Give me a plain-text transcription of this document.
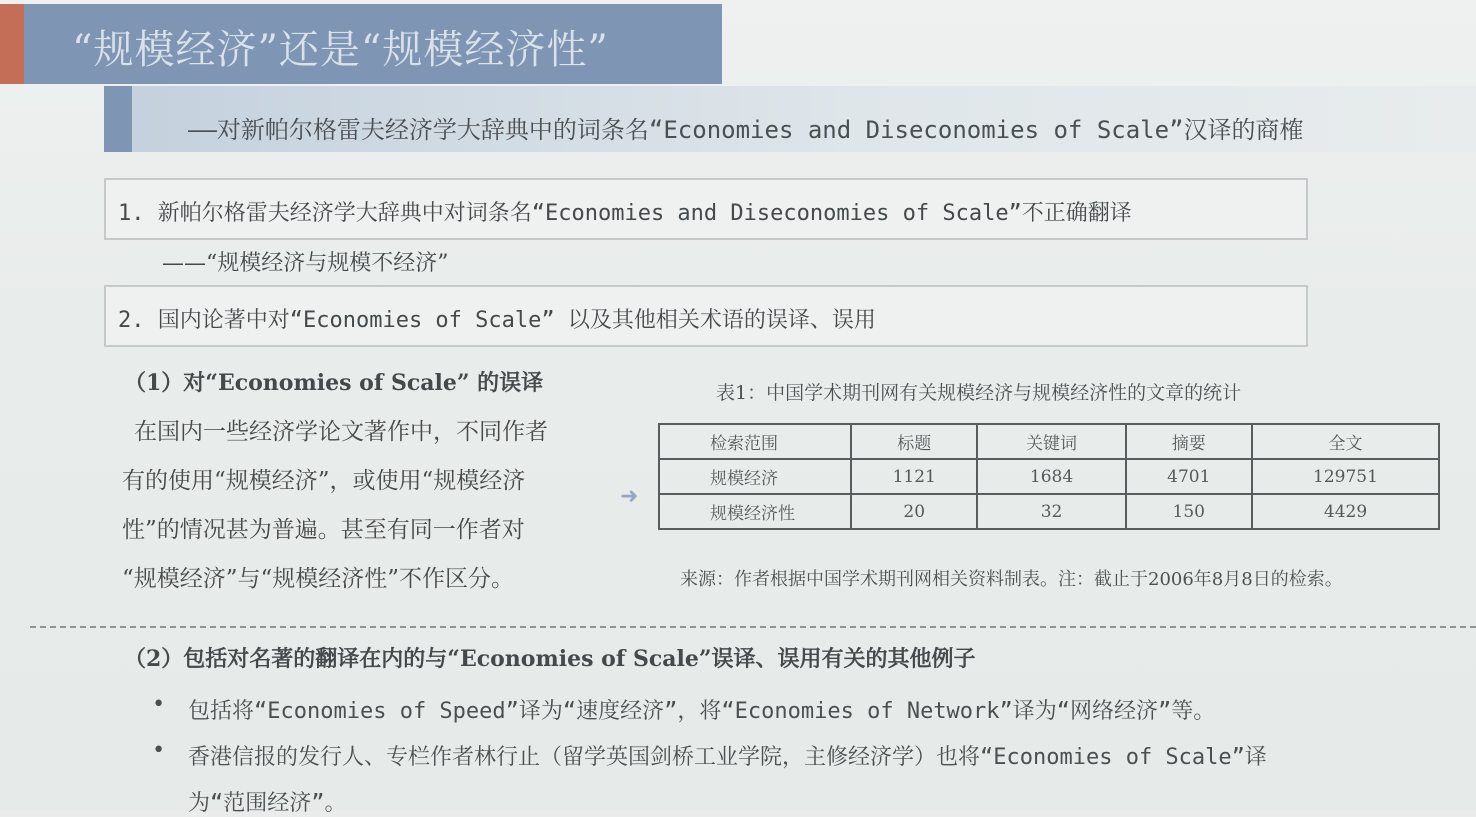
“规模经济”还是“规模经济性”
——对新帕尔格雷夫经济学大辞典中的词条名“Economies and Diseconomies of Scale”汉译的商榷
1. 新帕尔格雷夫经济学大辞典中对词条名“Economies and Diseconomies of Scale”不正确翻译
——“规模经济与规模不经济”
2. 国内论著中对“Economies of Scale” 以及其他相关术语的误译、误用
（1）对“Economies of Scale” 的误译
在国内一些经济学论文著作中，不同作者
有的使用“规模经济”，或使用“规模经济
性”的情况甚为普遍。甚至有同一作者对
“规模经济”与“规模经济性”不作区分。
➜
表1：中国学术期刊网有关规模经济与规模经济性的文章的统计
检索范围	标题	关键词	摘要	全文
规模经济	1121	1684	4701	129751
规模经济性	20	32	150	4429
来源：作者根据中国学术期刊网相关资料制表。注：截止于2006年8月8日的检索。
（2）包括对名著的翻译在内的与“Economies of Scale”误译、误用有关的其他例子
• 包括将“Economies of Speed”译为“速度经济”，将“Economies of Network”译为“网络经济”等。
• 香港信报的发行人、专栏作者林行止（留学英国剑桥工业学院，主修经济学）也将“Economies of Scale”译
为“范围经济”。
